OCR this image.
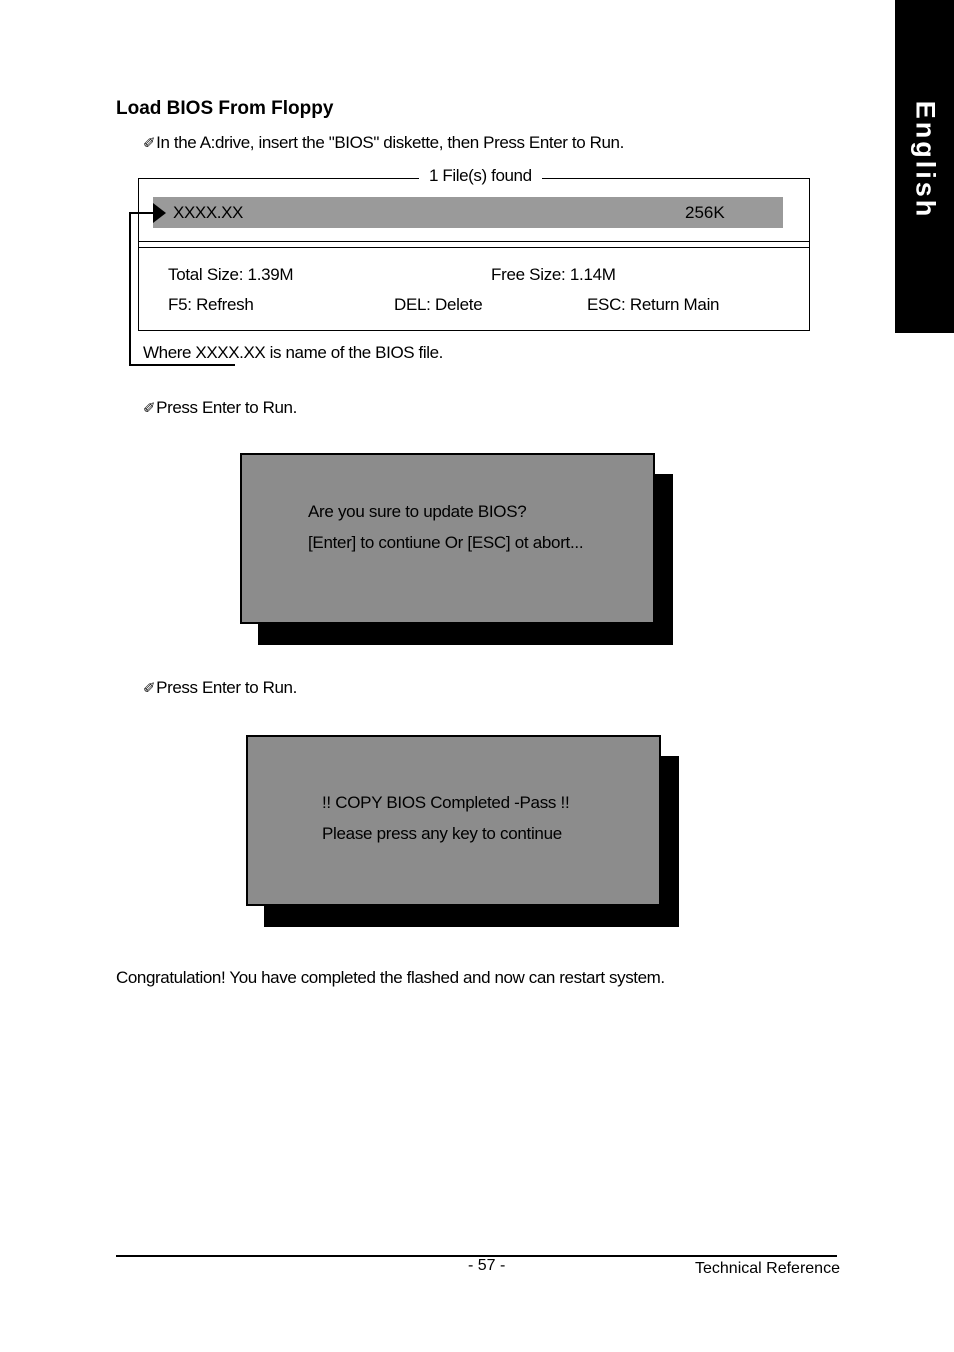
English
Load BIOS From Floppy
✐In the A:drive, insert the "BIOS" diskette, then Press Enter to Run.
1 File(s) found
XXXX.XX	256K
Total Size: 1.39M	Free Size: 1.14M
F5: Refresh	DEL: Delete	ESC: Return Main
Where XXXX.XX is name of the BIOS file.
✐Press Enter to Run.
Are you sure to update BIOS?
[Enter] to contiune Or [ESC] ot abort...
✐Press Enter to Run.
!! COPY BIOS Completed -Pass !!
Please press any key to continue
Congratulation! You have completed the flashed and now can restart system.
- 57 -	Technical Reference
